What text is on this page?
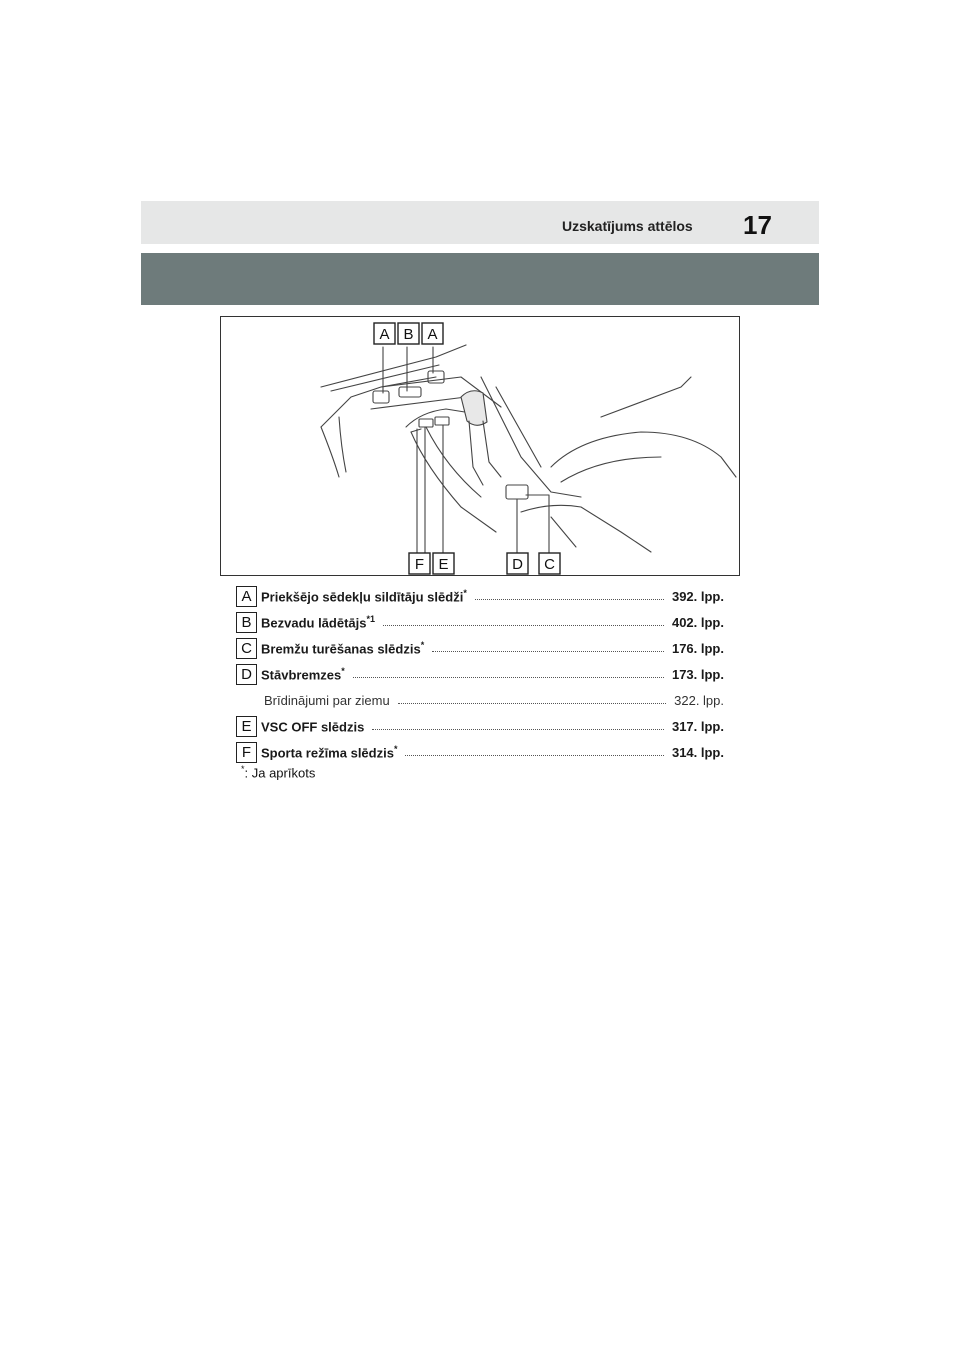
Uzskatījums attēlos 17
A B A
F E	D C
A Priekšējo sēdekļu sildītāju slēdži*	392. lpp.
B Bezvadu lādētājs$^{*1}$	402. lpp.
C Bremžu turēšanas slēdzis*	176. lpp.
D Stāvbremzes*	173. lpp.
Brīdinājumi par ziemu	322. lpp.
E VSC OFF slēdzis	317. lpp.
F Sporta režīma slēdzis*	314. lpp.
*: Ja aprīkots
